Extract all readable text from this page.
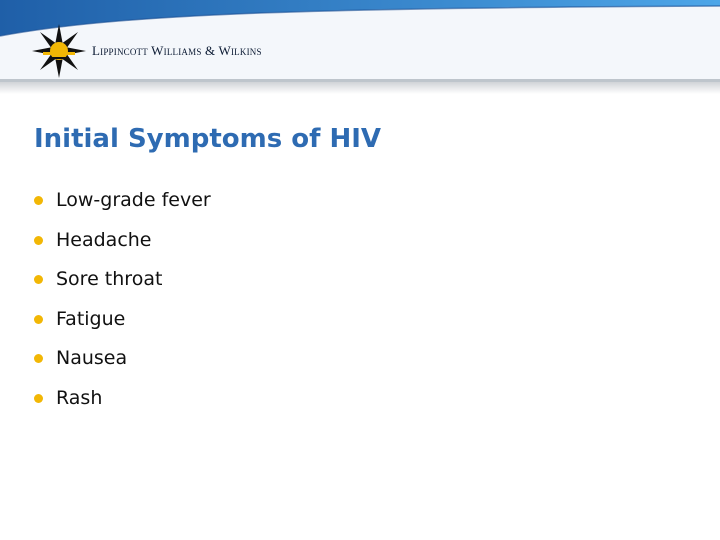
Lippincott Williams & Wilkins
Initial Symptoms of HIV
Low-grade fever
Headache
Sore throat
Fatigue
Nausea
Rash
